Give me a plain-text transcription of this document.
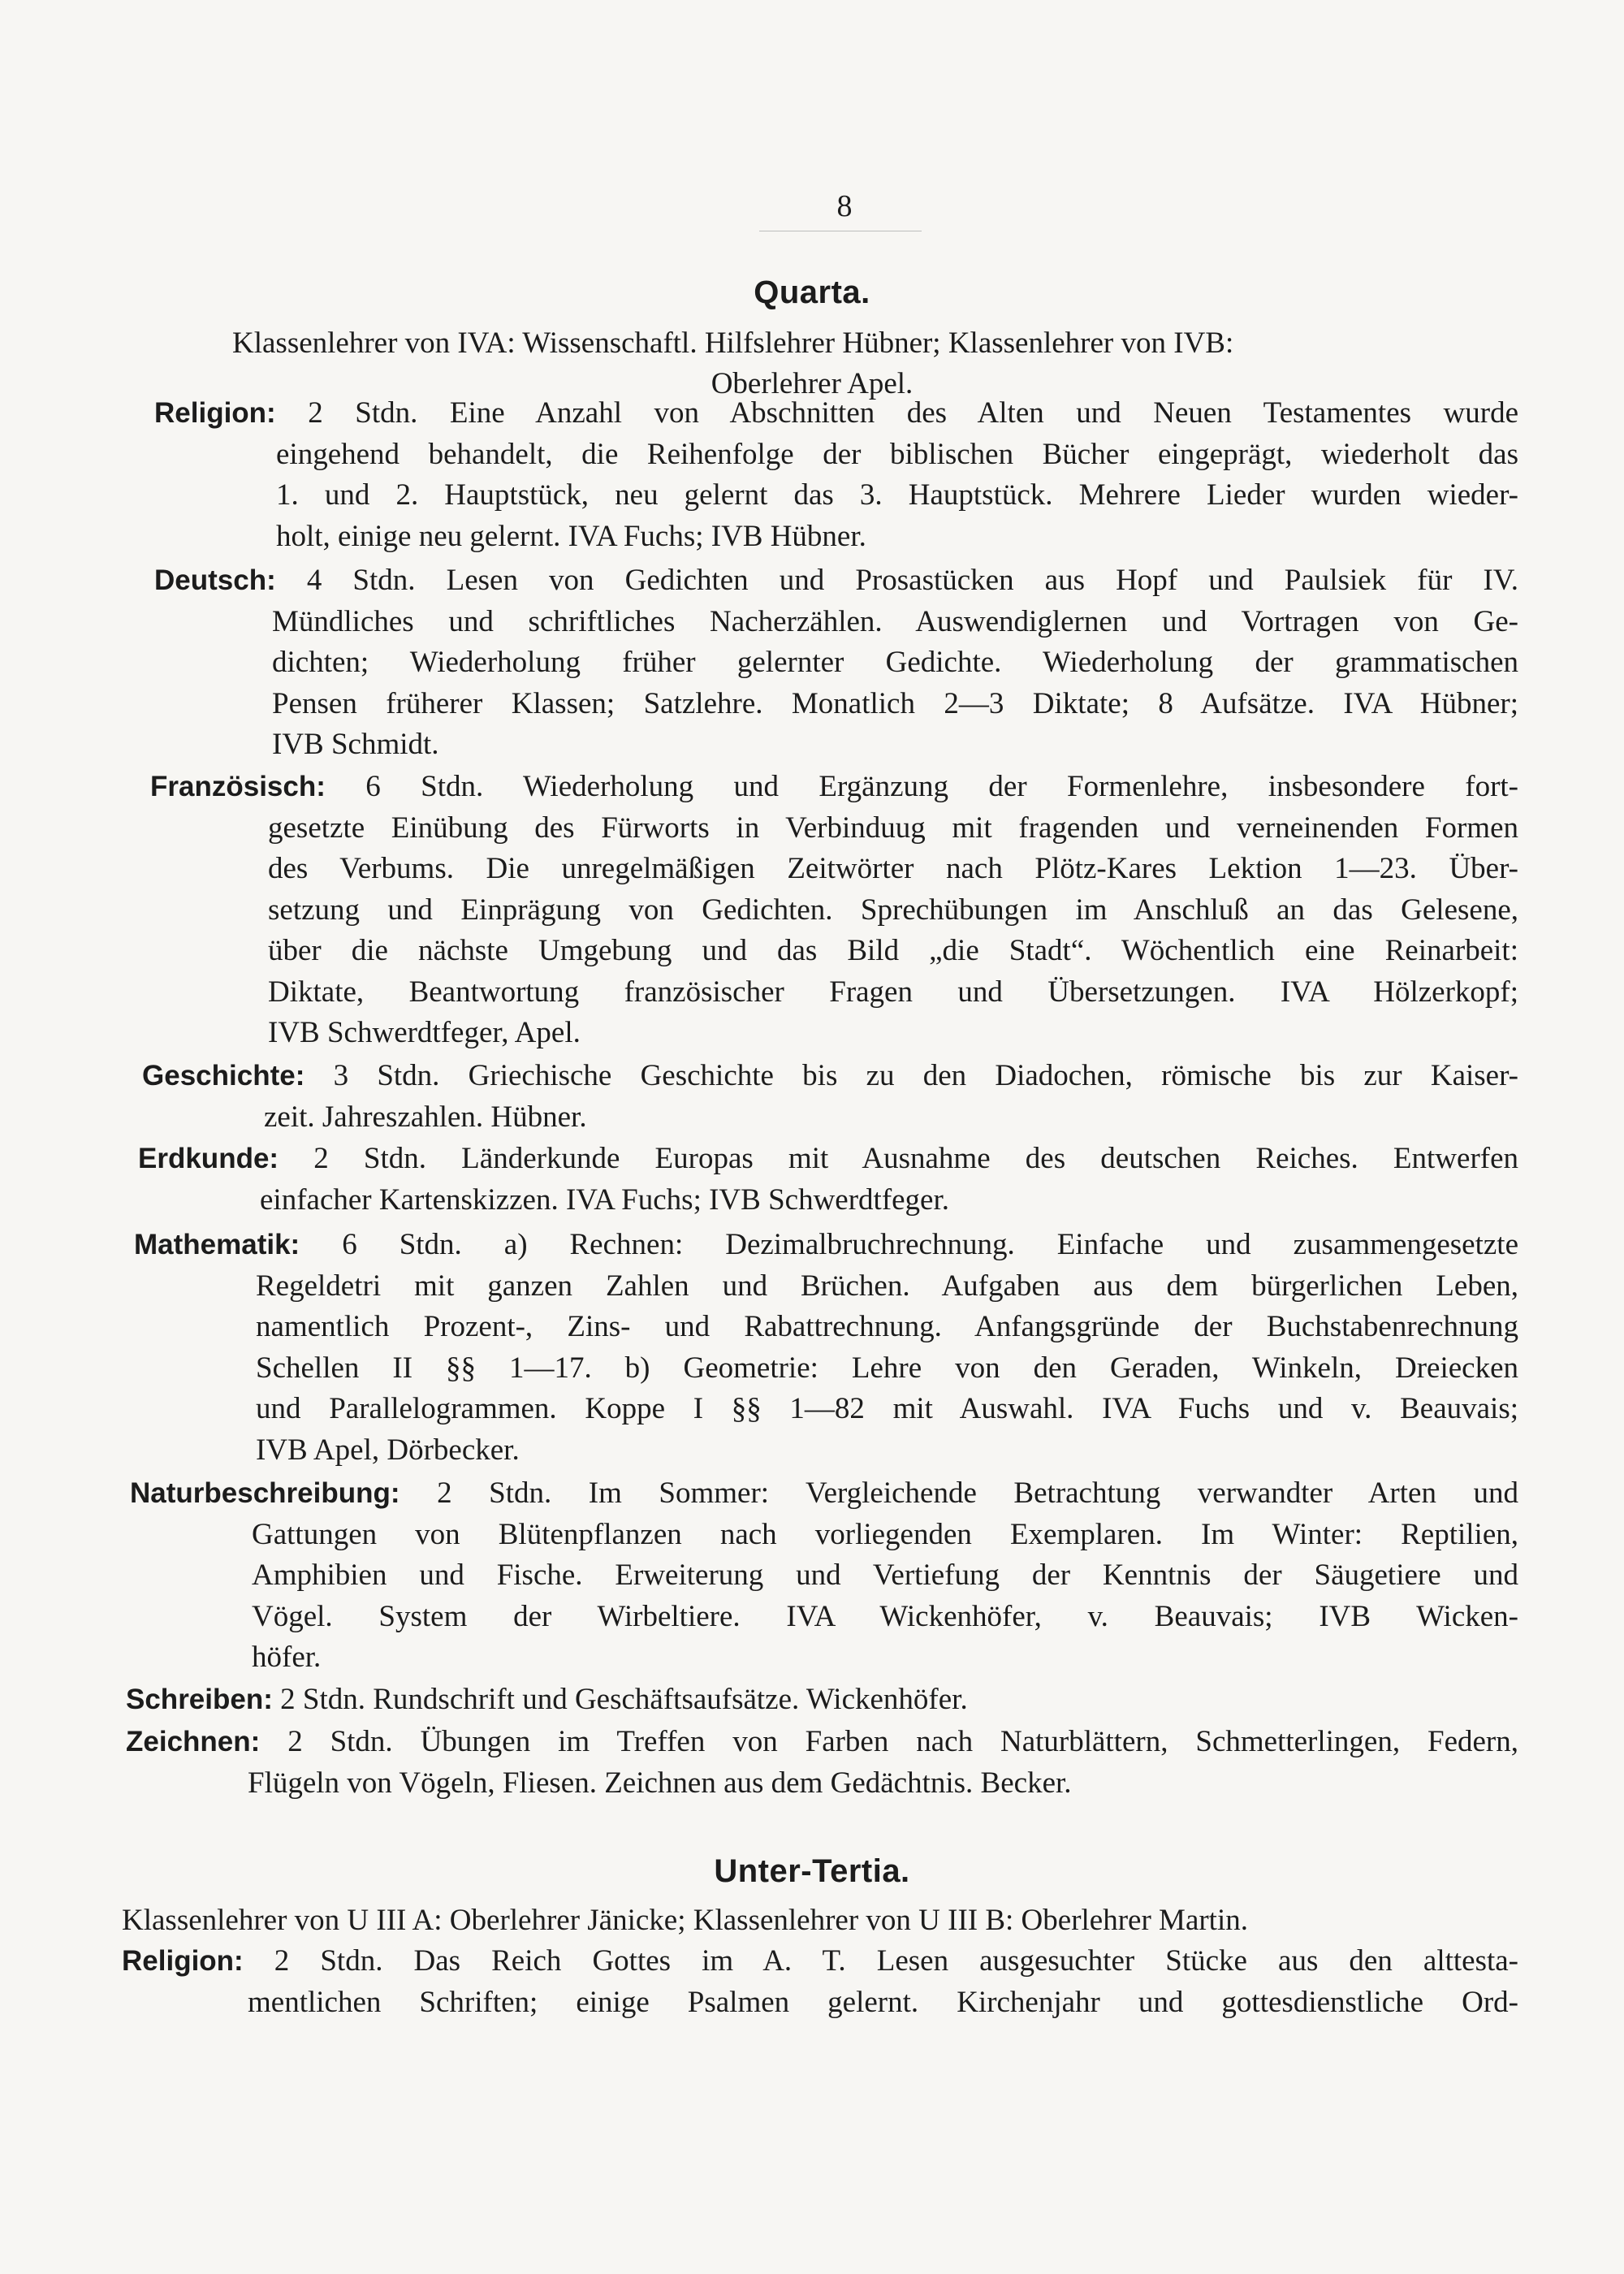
8
Quarta.
Klassenlehrer von IVA: Wissenschaftl. Hilfslehrer Hübner; Klassenlehrer von IVB:
Oberlehrer Apel.
Religion: 2 Stdn. Eine Anzahl von Abschnitten des Alten und Neuen Testamentes wurde
eingehend behandelt, die Reihenfolge der biblischen Bücher eingeprägt, wiederholt das
1. und 2. Hauptstück, neu gelernt das 3. Hauptstück. Mehrere Lieder wurden wieder-
holt, einige neu gelernt. IVA Fuchs; IVB Hübner.
Deutsch: 4 Stdn. Lesen von Gedichten und Prosastücken aus Hopf und Paulsiek für IV.
Mündliches und schriftliches Nacherzählen. Auswendiglernen und Vortragen von Ge-
dichten; Wiederholung früher gelernter Gedichte. Wiederholung der grammatischen
Pensen früherer Klassen; Satzlehre. Monatlich 2—3 Diktate; 8 Aufsätze. IVA Hübner;
IVB Schmidt.
Französisch: 6 Stdn. Wiederholung und Ergänzung der Formenlehre, insbesondere fort-
gesetzte Einübung des Fürworts in Verbinduug mit fragenden und verneinenden Formen
des Verbums. Die unregelmäßigen Zeitwörter nach Plötz-Kares Lektion 1—23. Über-
setzung und Einprägung von Gedichten. Sprechübungen im Anschluß an das Gelesene,
über die nächste Umgebung und das Bild „die Stadt“. Wöchentlich eine Reinarbeit:
Diktate, Beantwortung französischer Fragen und Übersetzungen. IVA Hölzerkopf;
IVB Schwerdtfeger, Apel.
Geschichte: 3 Stdn. Griechische Geschichte bis zu den Diadochen, römische bis zur Kaiser-
zeit. Jahreszahlen. Hübner.
Erdkunde: 2 Stdn. Länderkunde Europas mit Ausnahme des deutschen Reiches. Entwerfen
einfacher Kartenskizzen. IVA Fuchs; IVB Schwerdtfeger.
Mathematik: 6 Stdn. a) Rechnen: Dezimalbruchrechnung. Einfache und zusammengesetzte
Regeldetri mit ganzen Zahlen und Brüchen. Aufgaben aus dem bürgerlichen Leben,
namentlich Prozent-, Zins- und Rabattrechnung. Anfangsgründe der Buchstabenrechnung
Schellen II §§ 1—17. b) Geometrie: Lehre von den Geraden, Winkeln, Dreiecken
und Parallelogrammen. Koppe I §§ 1—82 mit Auswahl. IVA Fuchs und v. Beauvais;
IVB Apel, Dörbecker.
Naturbeschreibung: 2 Stdn. Im Sommer: Vergleichende Betrachtung verwandter Arten und
Gattungen von Blütenpflanzen nach vorliegenden Exemplaren. Im Winter: Reptilien,
Amphibien und Fische. Erweiterung und Vertiefung der Kenntnis der Säugetiere und
Vögel. System der Wirbeltiere. IVA Wickenhöfer, v. Beauvais; IVB Wicken-
höfer.
Schreiben: 2 Stdn. Rundschrift und Geschäftsaufsätze. Wickenhöfer.
Zeichnen: 2 Stdn. Übungen im Treffen von Farben nach Naturblättern, Schmetterlingen, Federn,
Flügeln von Vögeln, Fliesen. Zeichnen aus dem Gedächtnis. Becker.
Unter-Tertia.
Klassenlehrer von U III A: Oberlehrer Jänicke; Klassenlehrer von U III B: Oberlehrer Martin.
Religion: 2 Stdn. Das Reich Gottes im A. T. Lesen ausgesuchter Stücke aus den alttesta-
mentlichen Schriften; einige Psalmen gelernt. Kirchenjahr und gottesdienstliche Ord-
